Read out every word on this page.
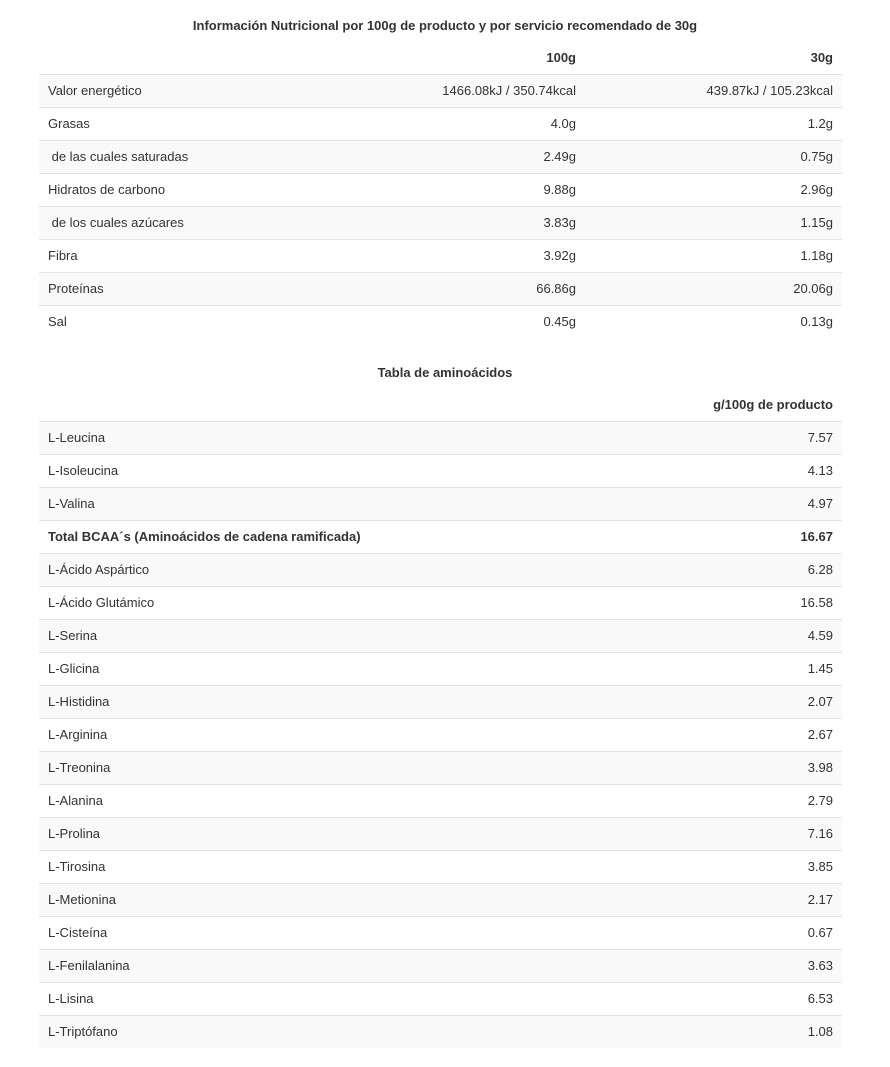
Información Nutricional por 100g de producto y por servicio recomendado de 30g
	100g	30g
Valor energético	1466.08kJ / 350.74kcal	439.87kJ / 105.23kcal
Grasas	4.0g	1.2g
de las cuales saturadas	2.49g	0.75g
Hidratos de carbono	9.88g	2.96g
de los cuales azúcares	3.83g	1.15g
Fibra	3.92g	1.18g
Proteínas	66.86g	20.06g
Sal	0.45g	0.13g
Tabla de aminoácidos
	g/100g de producto
L-Leucina	7.57
L-Isoleucina	4.13
L-Valina	4.97
Total BCAA´s (Aminoácidos de cadena ramificada)	16.67
L-Ácido Aspártico	6.28
L-Ácido Glutámico	16.58
L-Serina	4.59
L-Glicina	1.45
L-Histidina	2.07
L-Arginina	2.67
L-Treonina	3.98
L-Alanina	2.79
L-Prolina	7.16
L-Tirosina	3.85
L-Metionina	2.17
L-Cisteína	0.67
L-Fenilalanina	3.63
L-Lisina	6.53
L-Triptófano	1.08
